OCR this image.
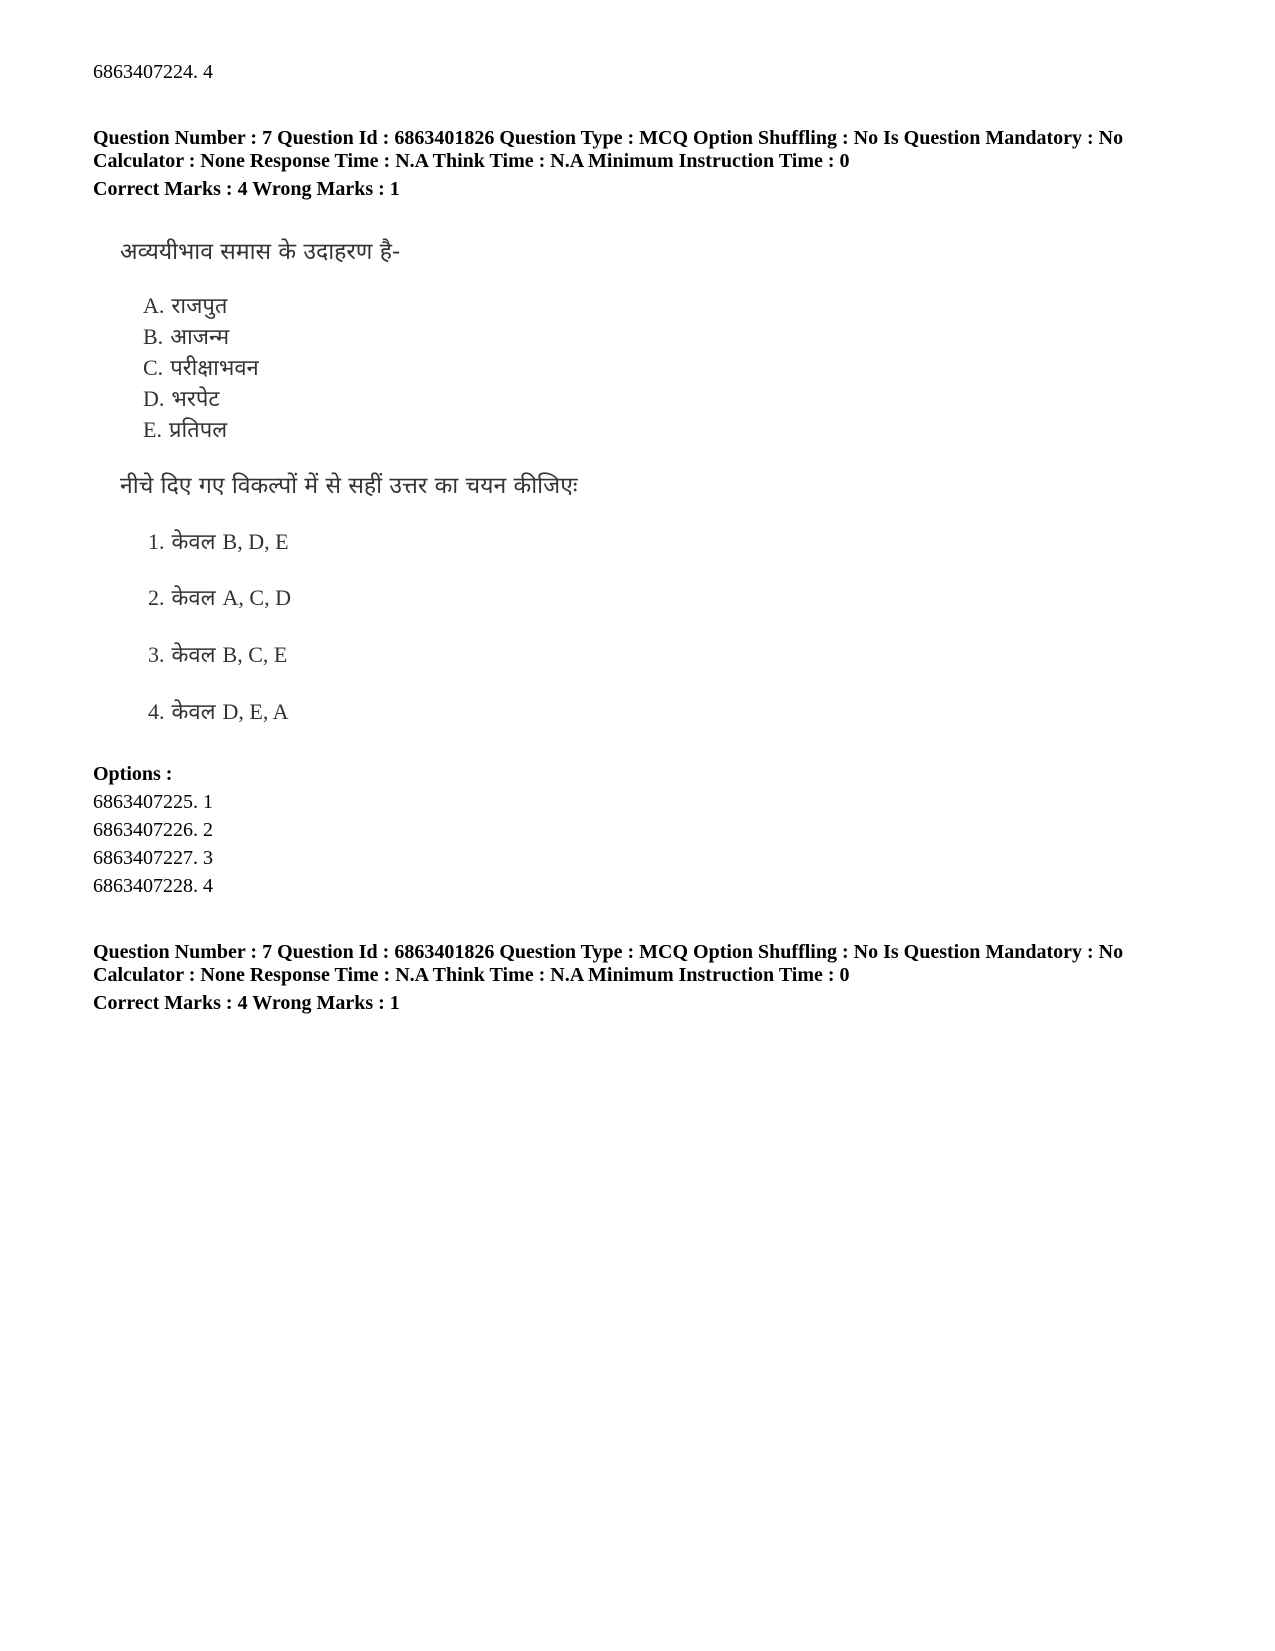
6863407224. 4
Question Number : 7 Question Id : 6863401826 Question Type : MCQ Option Shuffling : No Is Question Mandatory : No
Calculator : None Response Time : N.A Think Time : N.A Minimum Instruction Time : 0
Correct Marks : 4 Wrong Marks : 1
अव्ययीभाव समास के उदाहरण है-
A. राजपुत
B. आजन्म
C. परीक्षाभवन
D. भरपेट
E. प्रतिपल
नीचे दिए गए विकल्पों में से सहीं उत्तर का चयन कीजिएः
1. केवल B, D, E
2. केवल A, C, D
3. केवल B, C, E
4. केवल D, E, A
Options :
6863407225. 1
6863407226. 2
6863407227. 3
6863407228. 4
Question Number : 7 Question Id : 6863401826 Question Type : MCQ Option Shuffling : No Is Question Mandatory : No
Calculator : None Response Time : N.A Think Time : N.A Minimum Instruction Time : 0
Correct Marks : 4 Wrong Marks : 1
